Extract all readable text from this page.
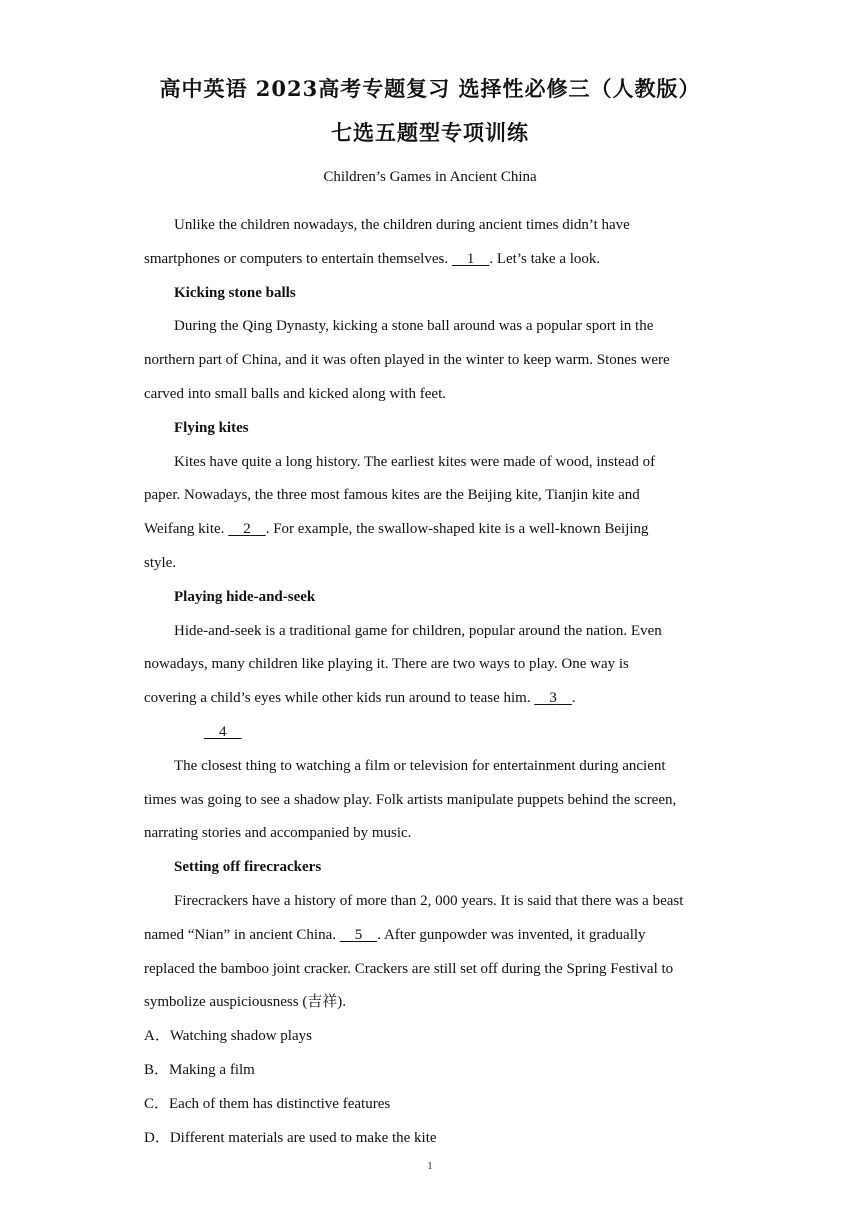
高中英语 2023高考专题复习 选择性必修三（人教版）

七选五题型专项训练

Children’s Games in Ancient China

Unlike the children nowadays, the children during ancient times didn’t have

smartphones or computers to entertain themselves.     1 . Let’s take a look.

Kicking stone balls

During the Qing Dynasty, kicking a stone ball around was a popular sport in the

northern part of China, and it was often played in the winter to keep warm. Stones were

carved into small balls and kicked along with feet.

Flying kites

Kites have quite a long history. The earliest kites were made of wood, instead of

paper. Nowadays, the three most famous kites are the Beijing kite, Tianjin kite and

Weifang kite.     2 . For example, the swallow-shaped kite is a well-known Beijing

style.

Playing hide-and-seek

Hide-and-seek is a traditional game for children, popular around the nation. Even

nowadays, many children like playing it. There are two ways to play. One way is

covering a child’s eyes while other kids run around to tease him.     3 .

4

The closest thing to watching a film or television for entertainment during ancient

times was going to see a shadow play. Folk artists manipulate puppets behind the screen,

narrating stories and accompanied by music.

Setting off firecrackers

Firecrackers have a history of more than 2, 000 years. It is said that there was a beast

named “Nian” in ancient China.     5 . After gunpowder was invented, it gradually

replaced the bamboo joint cracker. Crackers are still set off during the Spring Festival to

symbolize auspiciousness (吉祥).

A．Watching shadow plays

B．Making a film

C．Each of them has distinctive features

D．Different materials are used to make the kite

1
